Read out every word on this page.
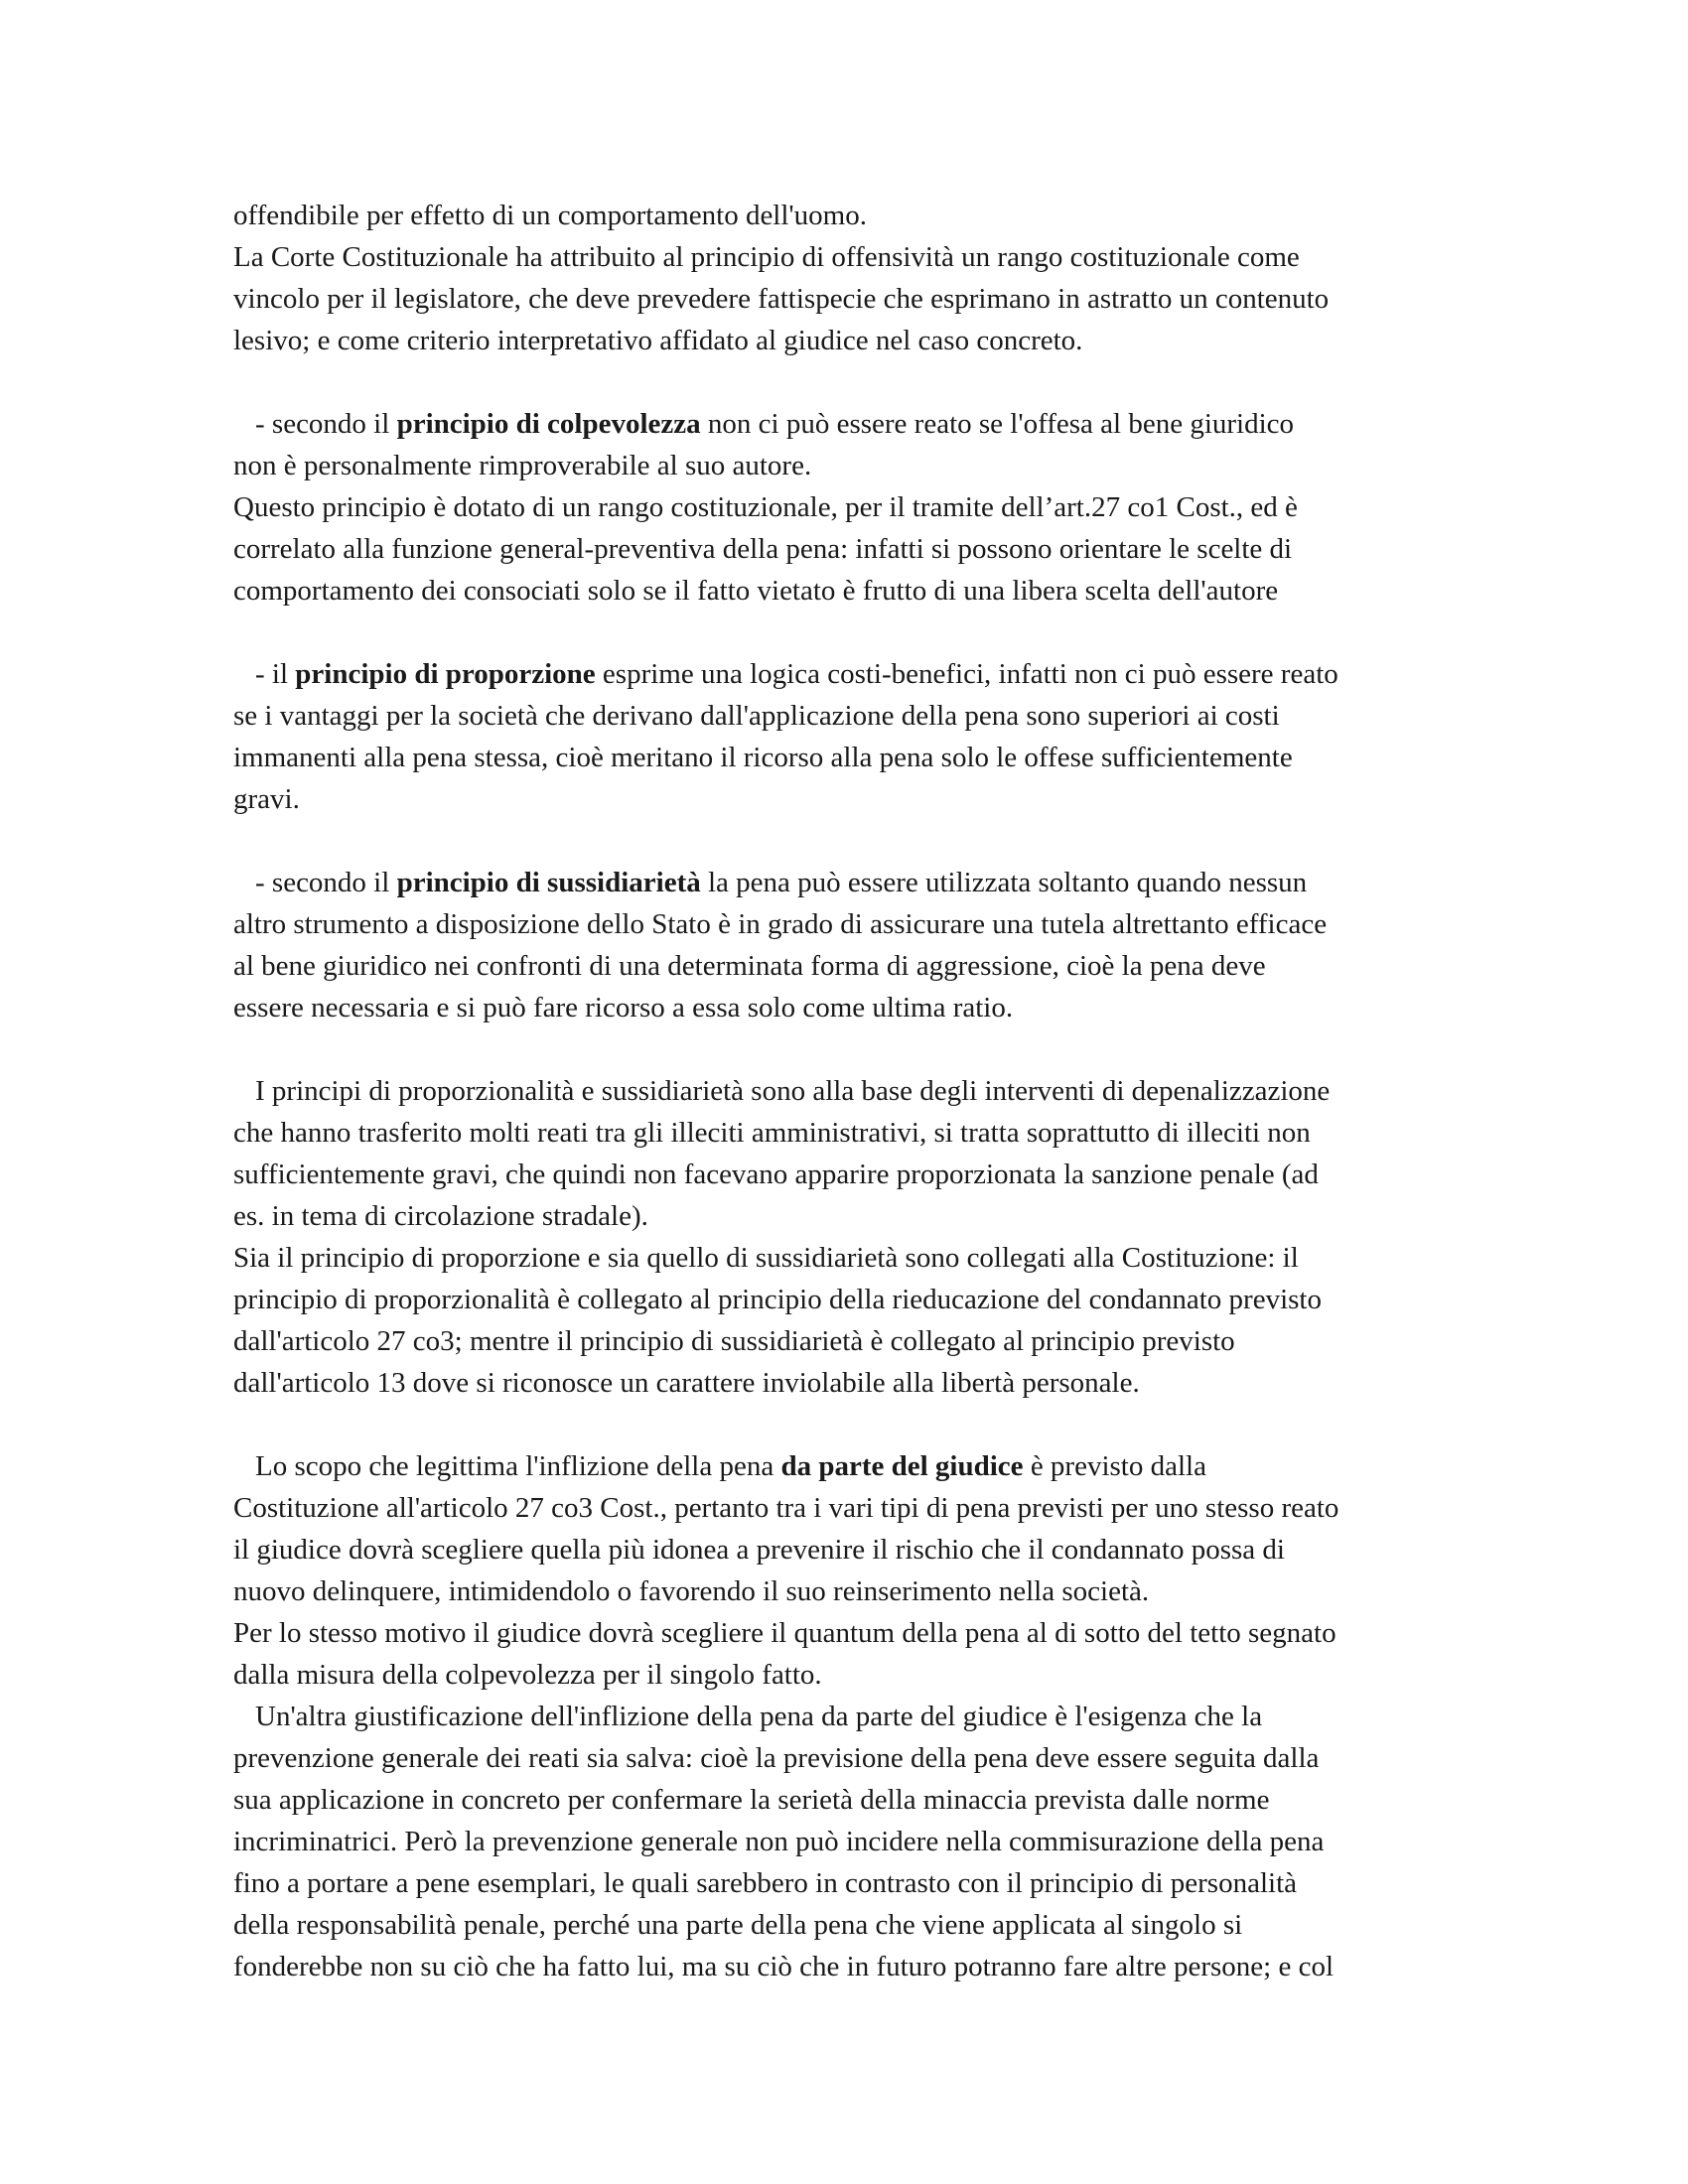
offendibile per effetto di un comportamento dell'uomo.
La Corte Costituzionale ha attribuito al principio di offensività un rango costituzionale come
vincolo per il legislatore, che deve prevedere fattispecie che esprimano in astratto un contenuto
lesivo; e come criterio interpretativo affidato al giudice nel caso concreto.
- secondo il principio di colpevolezza non ci può essere reato se l'offesa al bene giuridico
non è personalmente rimproverabile al suo autore.
Questo principio è dotato di un rango costituzionale, per il tramite dell’art.27 co1 Cost., ed è
correlato alla funzione general-preventiva della pena: infatti si possono orientare le scelte di
comportamento dei consociati solo se il fatto vietato è frutto di una libera scelta dell'autore
- il principio di proporzione esprime una logica costi-benefici, infatti non ci può essere reato
se i vantaggi per la società che derivano dall'applicazione della pena sono superiori ai costi
immanenti alla pena stessa, cioè meritano il ricorso alla pena solo le offese sufficientemente
gravi.
- secondo il principio di sussidiarietà la pena può essere utilizzata soltanto quando nessun
altro strumento a disposizione dello Stato è in grado di assicurare una tutela altrettanto efficace
al bene giuridico nei confronti di una determinata forma di aggressione, cioè la pena deve
essere necessaria e si può fare ricorso a essa solo come ultima ratio.
I principi di proporzionalità e sussidiarietà sono alla base degli interventi di depenalizzazione
che hanno trasferito molti reati tra gli illeciti amministrativi, si tratta soprattutto di illeciti non
sufficientemente gravi, che quindi non facevano apparire proporzionata la sanzione penale (ad
es. in tema di circolazione stradale).
Sia il principio di proporzione e sia quello di sussidiarietà sono collegati alla Costituzione: il
principio di proporzionalità è collegato al principio della rieducazione del condannato previsto
dall'articolo 27 co3; mentre il principio di sussidiarietà è collegato al principio previsto
dall'articolo 13 dove si riconosce un carattere inviolabile alla libertà personale.
Lo scopo che legittima l'inflizione della pena da parte del giudice è previsto dalla
Costituzione all'articolo 27 co3 Cost., pertanto tra i vari tipi di pena previsti per uno stesso reato
il giudice dovrà scegliere quella più idonea a prevenire il rischio che il condannato possa di
nuovo delinquere, intimidendolo o favorendo il suo reinserimento nella società.
Per lo stesso motivo il giudice dovrà scegliere il quantum della pena al di sotto del tetto segnato
dalla misura della colpevolezza per il singolo fatto.
Un'altra giustificazione dell'inflizione della pena da parte del giudice è l'esigenza che la
prevenzione generale dei reati sia salva: cioè la previsione della pena deve essere seguita dalla
sua applicazione in concreto per confermare la serietà della minaccia prevista dalle norme
incriminatrici. Però la prevenzione generale non può incidere nella commisurazione della pena
fino a portare a pene esemplari, le quali sarebbero in contrasto con il principio di personalità
della responsabilità penale, perché una parte della pena che viene applicata al singolo si
fonderebbe non su ciò che ha fatto lui, ma su ciò che in futuro potranno fare altre persone; e col
